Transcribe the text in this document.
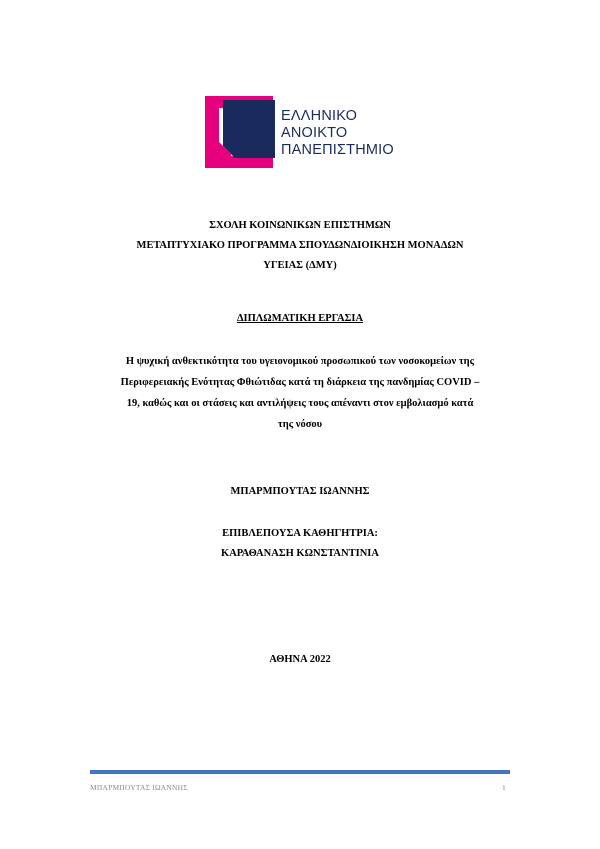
ΕΛΛΗΝΙΚΟ
ΑΝΟΙΚΤΟ
ΠΑΝΕΠΙΣΤΗΜΙΟ
ΣΧΟΛΗ ΚΟΙΝΩΝΙΚΩΝ ΕΠΙΣΤΗΜΩΝ
ΜΕΤΑΠΤΥΧΙΑΚΟ ΠΡΟΓΡΑΜΜΑ ΣΠΟΥΔΩΝΔΙΟΙΚΗΣΗ ΜΟΝΑΔΩΝ
ΥΓΕΙΑΣ (ΔΜΥ)
ΔΙΠΛΩΜΑΤΙΚΗ ΕΡΓΑΣΙΑ
Η ψυχική ανθεκτικότητα του υγειονομικού προσωπικού των νοσοκομείων της
Περιφερειακής Ενότητας Φθιώτιδας κατά τη διάρκεια της πανδημίας COVID –
19, καθώς και οι στάσεις και αντιλήψεις τους απέναντι στον εμβολιασμό κατά
της νόσου
ΜΠΑΡΜΠΟΥΤΑΣ ΙΩΑΝΝΗΣ
ΕΠΙΒΛΕΠΟΥΣΑ ΚΑΘΗΓΗΤΡΙΑ:
ΚΑΡΑΘΑΝΑΣΗ ΚΩΝΣΤΑΝΤΙΝΙΑ
ΑΘΗΝΑ 2022
ΜΠΑΡΜΠΟΥΤΑΣ ΙΩΑΝΝΗΣ	1
